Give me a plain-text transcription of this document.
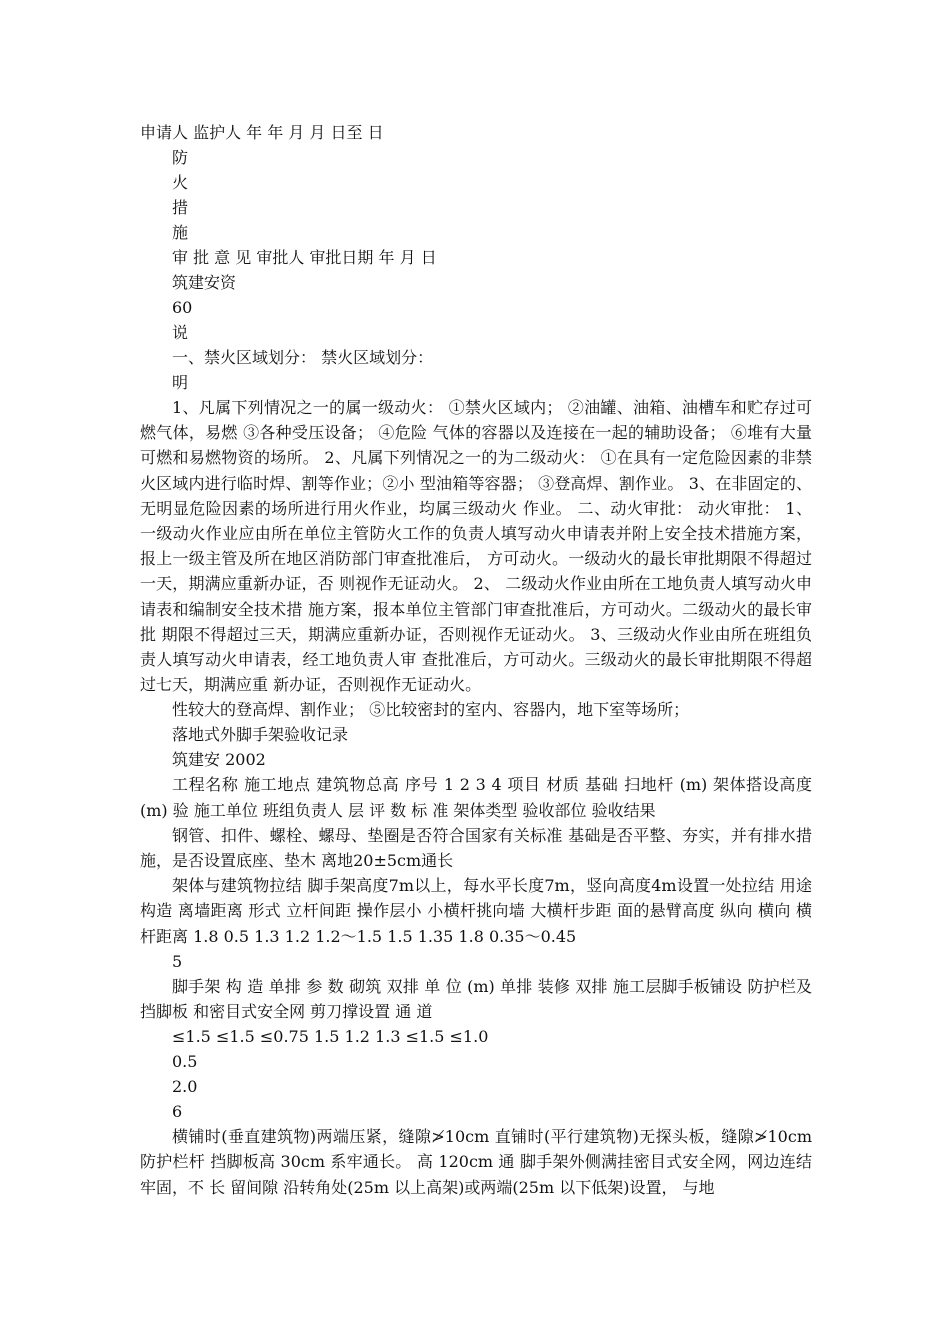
申请人 监护人 年 年 月 月 日至 日

防

火

措

施

审 批 意 见 审批人 审批日期 年 月 日

筑建安资

60

说

一、禁火区域划分： 禁火区域划分：

明

1、凡属下列情况之一的属一级动火： ①禁火区域内； ②油罐、油箱、油槽车和贮存过可燃气体，易燃 ③各种受压设备； ④危险 气体的容器以及连接在一起的辅助设备； ⑥堆有大量可燃和易燃物资的场所。 2、凡属下列情况之一的为二级动火： ①在具有一定危险因素的非禁火区域内进行临时焊、割等作业；②小 型油箱等容器； ③登高焊、割作业。 3、在非固定的、无明显危险因素的场所进行用火作业，均属三级动火 作业。 二、动火审批： 动火审批： 1、 一级动火作业应由所在单位主管防火工作的负责人填写动火申请表并附上安全技术措施方案， 报上一级主管及所在地区消防部门审查批准后， 方可动火。一级动火的最长审批期限不得超过一天，期满应重新办证，否 则视作无证动火。 2、 二级动火作业由所在工地负责人填写动火申请表和编制安全技术措 施方案，报本单位主管部门审查批准后，方可动火。二级动火的最长审批 期限不得超过三天，期满应重新办证，否则视作无证动火。 3、三级动火作业由所在班组负责人填写动火申请表，经工地负责人审 查批准后，方可动火。三级动火的最长审批期限不得超过七天，期满应重 新办证，否则视作无证动火。

性较大的登高焊、割作业； ⑤比较密封的室内、容器内，地下室等场所；

落地式外脚手架验收记录

筑建安 2002

工程名称 施工地点 建筑物总高 序号 1 2 3 4 项目 材质 基础 扫地杆 (m) 架体搭设高度 (m) 验 施工单位 班组负责人 层 评 数 标 准 架体类型 验收部位 验收结果

钢管、扣件、螺栓、螺母、垫圈是否符合国家有关标准 基础是否平整、夯实，并有排水措施，是否设置底座、垫木 离地20±5cm通长

架体与建筑物拉结 脚手架高度7m以上，每水平长度7m，竖向高度4m设置一处拉结 用途 构造 离墙距离 形式 立杆间距 操作层小 小横杆挑向墙 大横杆步距 面的悬臂高度 纵向 横向 横杆距离 1.8 0.5 1.3 1.2 1.2～1.5 1.5 1.35 1.8 0.35～0.45

5

脚手架 构 造 单排 参 数 砌筑 双排 单 位 (m) 单排 装修 双排 施工层脚手板铺设 防护栏及挡脚板 和密目式安全网 剪刀撑设置 通 道

≤1.5 ≤1.5 ≤0.75 1.5 1.2 1.3 ≤1.5 ≤1.0

0.5

2.0

6

横铺时(垂直建筑物)两端压紧，缝隙≯10cm 直铺时(平行建筑物)无探头板，缝隙≯10cm 防护栏杆 挡脚板高 30cm 系牢通长。 高 120cm 通 脚手架外侧满挂密目式安全网，网边连结牢固，不 长 留间隙 沿转角处(25m 以上高架)或两端(25m 以下低架)设置， 与地
